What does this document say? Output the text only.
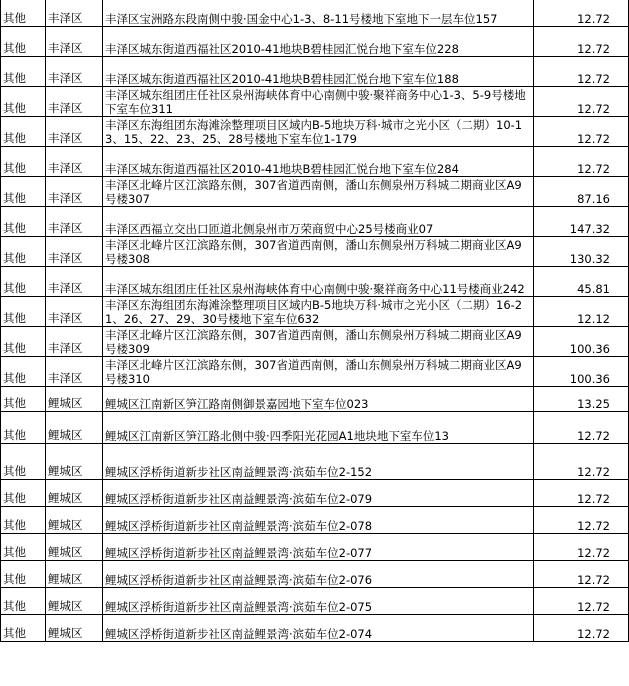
其他	丰泽区	丰泽区宝洲路东段南侧中骏·国金中心1-3、8-11号楼地下室地下一层车位157	12.72
其他	丰泽区	丰泽区城东街道西福社区2010-41地块B碧桂园汇悦台地下室车位228	12.72
其他	丰泽区	丰泽区城东街道西福社区2010-41地块B碧桂园汇悦台地下室车位188	12.72
其他	丰泽区	丰泽区城东组团庄任社区泉州海峡体育中心南侧中骏·聚祥商务中心1-3、5-9号楼地下室车位311	12.72
其他	丰泽区	丰泽区东海组团东海滩涂整理项目区域内B-5地块万科·城市之光小区（二期）10-13、15、22、23、25、28号楼地下室车位1-179	12.72
其他	丰泽区	丰泽区城东街道西福社区2010-41地块B碧桂园汇悦台地下室车位284	12.72
其他	丰泽区	丰泽区北峰片区江滨路东侧，307省道西南侧，潘山东侧泉州万科城二期商业区A9号楼307	87.16
其他	丰泽区	丰泽区西福立交出口匝道北侧泉州市万荣商贸中心25号楼商业07	147.32
其他	丰泽区	丰泽区北峰片区江滨路东侧，307省道西南侧，潘山东侧泉州万科城二期商业区A9号楼308	130.32
其他	丰泽区	丰泽区城东组团庄任社区泉州海峡体育中心南侧中骏·聚祥商务中心11号楼商业242	45.81
其他	丰泽区	丰泽区东海组团东海滩涂整理项目区域内B-5地块万科·城市之光小区（二期）16-21、26、27、29、30号楼地下室车位632	12.12
其他	丰泽区	丰泽区北峰片区江滨路东侧，307省道西南侧，潘山东侧泉州万科城二期商业区A9号楼309	100.36
其他	丰泽区	丰泽区北峰片区江滨路东侧，307省道西南侧，潘山东侧泉州万科城二期商业区A9号楼310	100.36
其他	鲤城区	鲤城区江南新区笋江路南侧御景嘉园地下室车位023	13.25
其他	鲤城区	鲤城区江南新区笋江路北侧中骏·四季阳光花园A1地块地下室车位13	12.72
其他	鲤城区	鲤城区浮桥街道新步社区南益鲤景湾·滨茹车位2-152	12.72
其他	鲤城区	鲤城区浮桥街道新步社区南益鲤景湾·滨茹车位2-079	12.72
其他	鲤城区	鲤城区浮桥街道新步社区南益鲤景湾·滨茹车位2-078	12.72
其他	鲤城区	鲤城区浮桥街道新步社区南益鲤景湾·滨茹车位2-077	12.72
其他	鲤城区	鲤城区浮桥街道新步社区南益鲤景湾·滨茹车位2-076	12.72
其他	鲤城区	鲤城区浮桥街道新步社区南益鲤景湾·滨茹车位2-075	12.72
其他	鲤城区	鲤城区浮桥街道新步社区南益鲤景湾·滨茹车位2-074	12.72
